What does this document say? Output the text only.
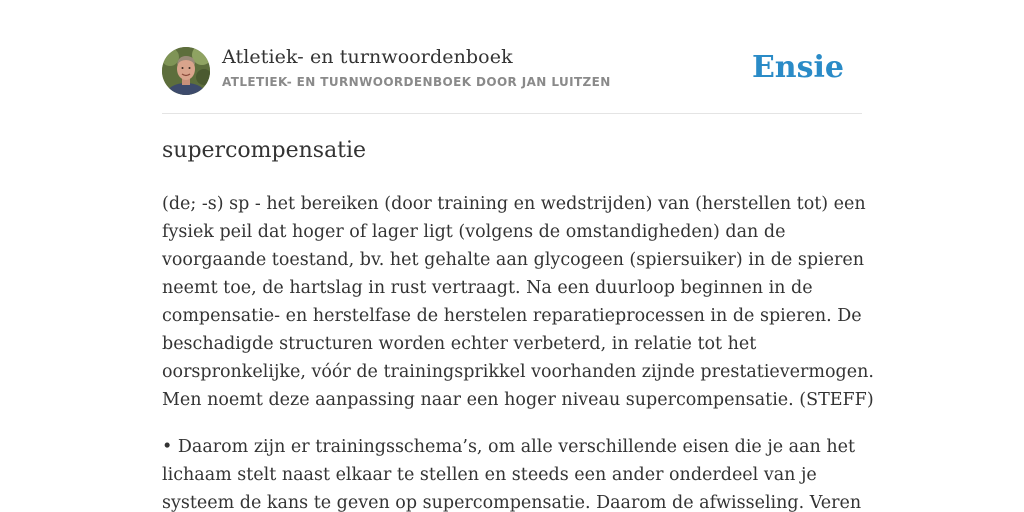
Atletiek- en turnwoordenboek
ATLETIEK- EN TURNWOORDENBOEK DOOR JAN LUITZEN	Ensie
supercompensatie
(de; -s) sp - het bereiken (door training en wedstrijden) van (herstellen tot) een
fysiek peil dat hoger of lager ligt (volgens de omstandigheden) dan de
voorgaande toestand, bv. het gehalte aan glycogeen (spiersuiker) in de spieren
neemt toe, de hartslag in rust vertraagt. Na een duurloop beginnen in de
compensatie- en herstelfase de herstelen reparatieprocessen in de spieren. De
beschadigde structuren worden echter verbeterd, in relatie tot het
oorspronkelijke, vóór de trainingsprikkel voorhanden zijnde prestatievermogen.
Men noemt deze aanpassing naar een hoger niveau supercompensatie. (STEFF)
• Daarom zijn er trainingsschema’s, om alle verschillende eisen die je aan het
lichaam stelt naast elkaar te stellen en steeds een ander onderdeel van je
systeem de kans te geven op supercompensatie. Daarom de afwisseling. Veren
